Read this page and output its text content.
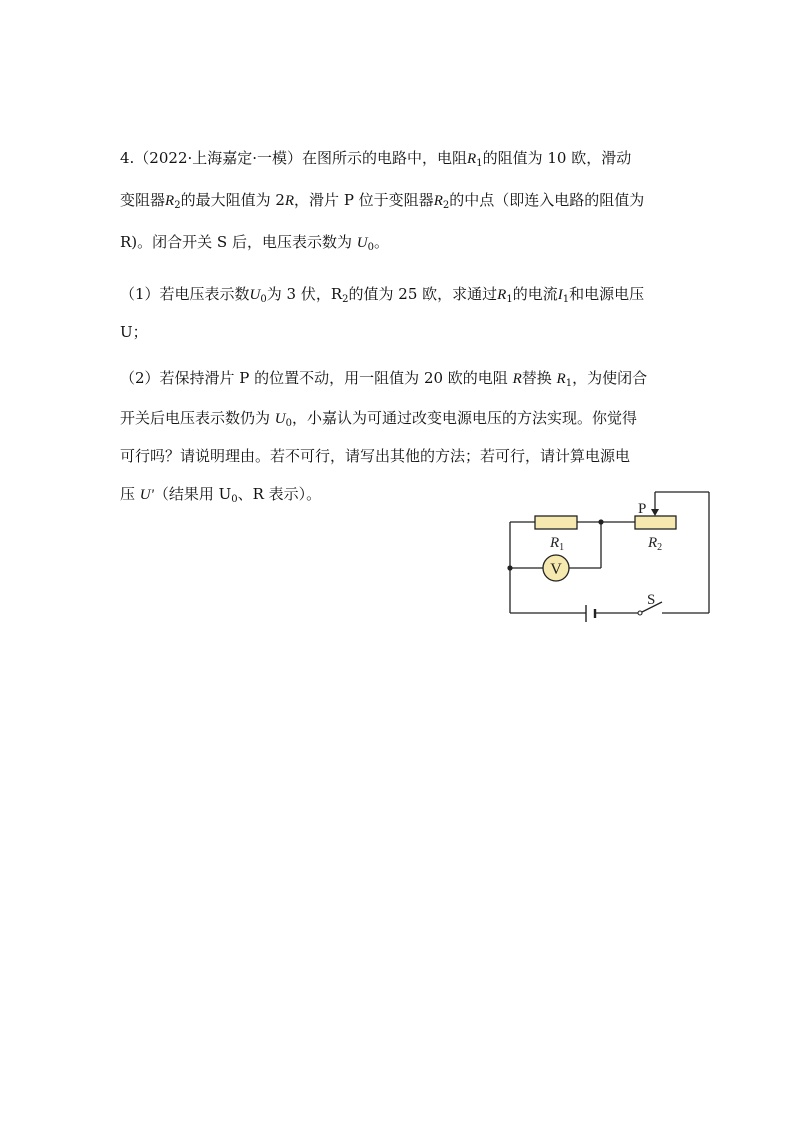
4.（2022·上海嘉定·一模）在图所示的电路中，电阻$R_1$的阻值为 10 欧，滑动
变阻器$R_2$的最大阻值为 2R，滑片 P 位于变阻器$R_2$的中点（即连入电路的阻值为
R)。闭合开关 S 后，电压表示数为 $U_0$。
（1）若电压表示数$U_0$为 3 伏，$R_2$的值为 25 欧，求通过$R_1$的电流$I_1$和电源电压
U；
（2）若保持滑片 P 的位置不动，用一阻值为 20 欧的电阻 R替换 $R_1$，为使闭合
开关后电压表示数仍为 $U_0$，小嘉认为可通过改变电源电压的方法实现。你觉得
可行吗？请说明理由。若不可行，请写出其他的方法；若可行，请计算电源电
压 U'（结果用 $U_0$、R 表示）。
V
$R_1$	$R_2$
P
S
